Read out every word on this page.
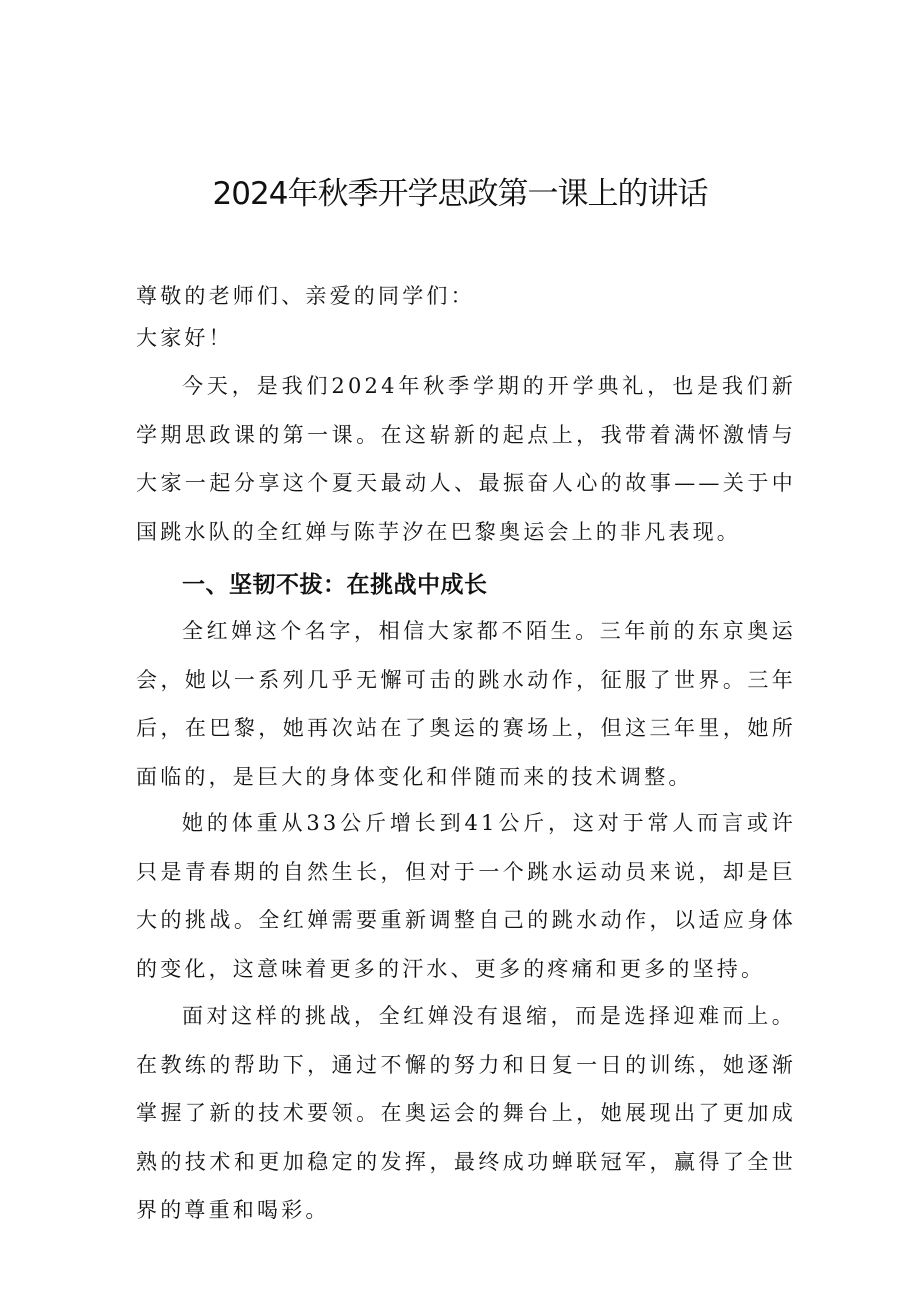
2024年秋季开学思政第一课上的讲话

尊敬的老师们、亲爱的同学们：

大家好！

今天，是我们2024年秋季学期的开学典礼，也是我们新学期思政课的第一课。在这崭新的起点上，我带着满怀激情与大家一起分享这个夏天最动人、最振奋人心的故事——关于中国跳水队的全红婵与陈芋汐在巴黎奥运会上的非凡表现。

一、坚韧不拔：在挑战中成长

全红婵这个名字，相信大家都不陌生。三年前的东京奥运会，她以一系列几乎无懈可击的跳水动作，征服了世界。三年后，在巴黎，她再次站在了奥运的赛场上，但这三年里，她所面临的，是巨大的身体变化和伴随而来的技术调整。

她的体重从33公斤增长到41公斤，这对于常人而言或许只是青春期的自然生长，但对于一个跳水运动员来说，却是巨大的挑战。全红婵需要重新调整自己的跳水动作，以适应身体的变化，这意味着更多的汗水、更多的疼痛和更多的坚持。

面对这样的挑战，全红婵没有退缩，而是选择迎难而上。在教练的帮助下，通过不懈的努力和日复一日的训练，她逐渐掌握了新的技术要领。在奥运会的舞台上，她展现出了更加成熟的技术和更加稳定的发挥，最终成功蝉联冠军，赢得了全世界的尊重和喝彩。
